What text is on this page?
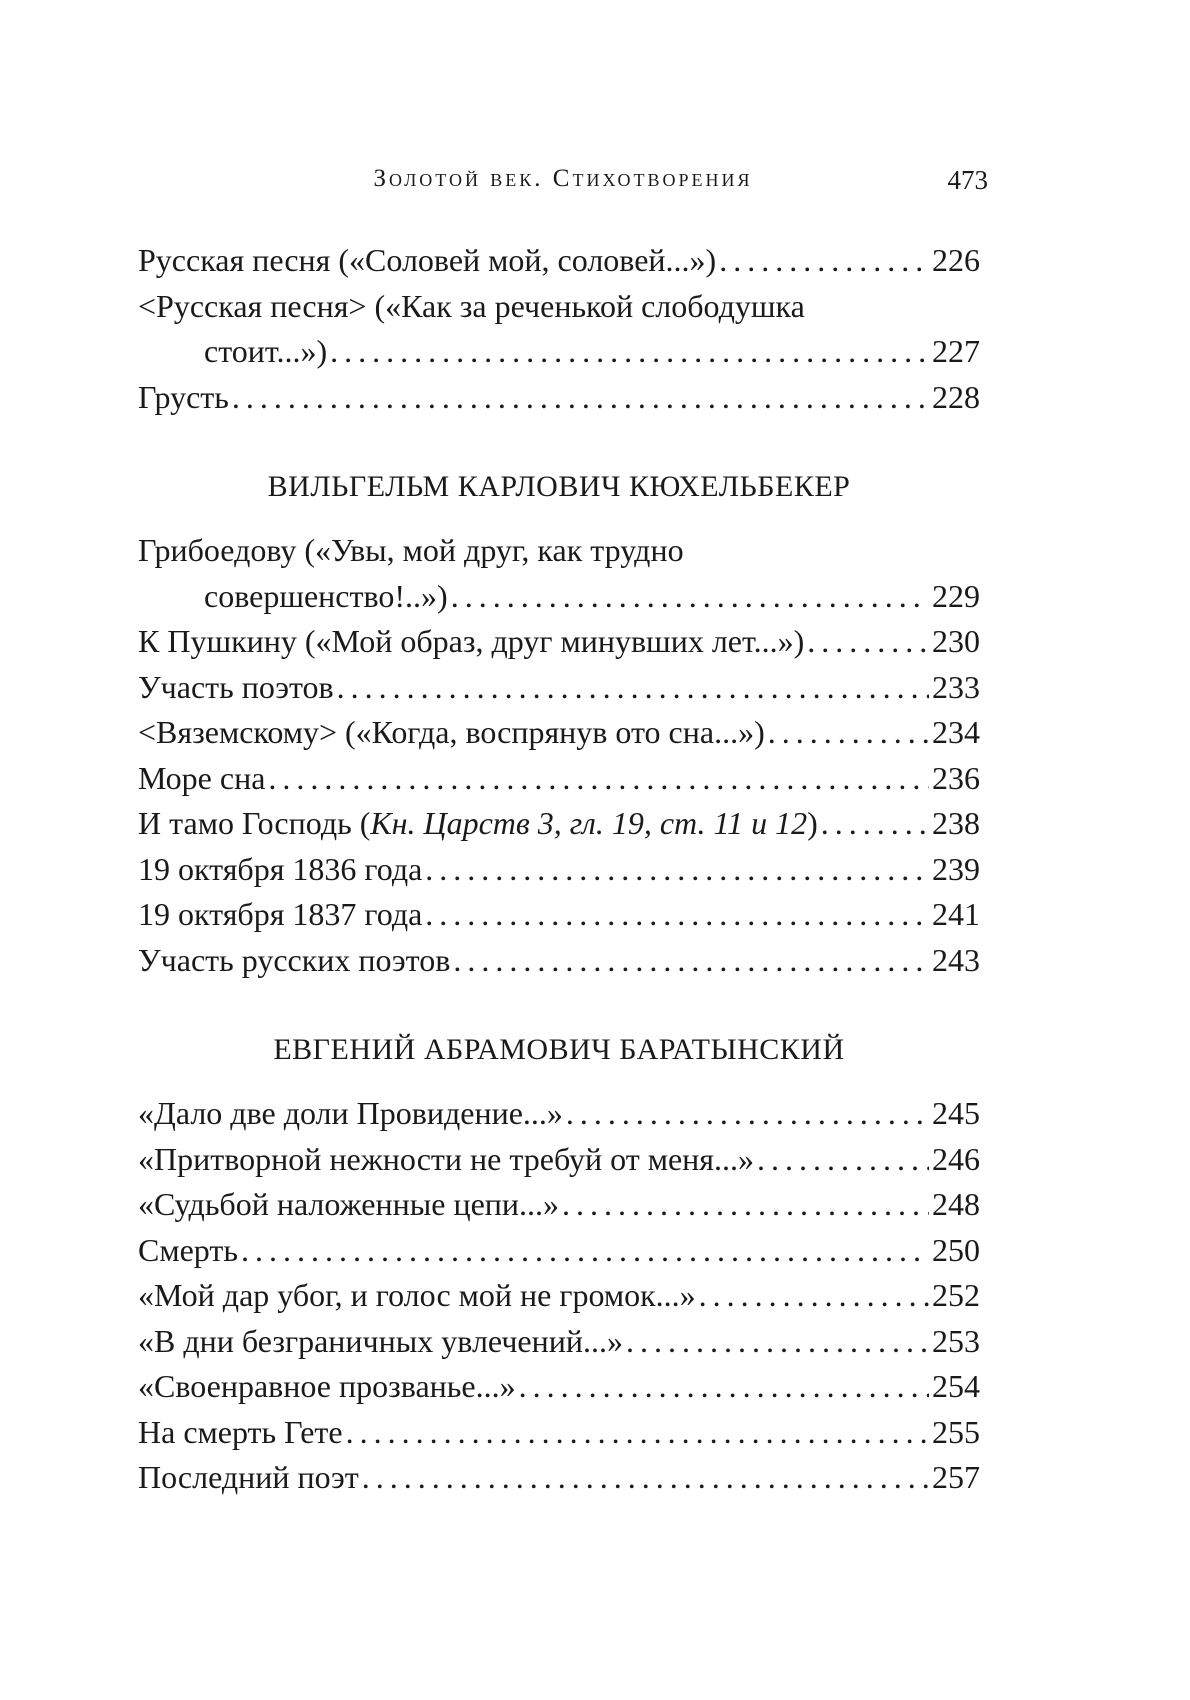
Золотой век. Стихотворения	473
Русская песня («Соловей мой, соловей...») .....	226
<Русская песня> («Как за реченькой слободушка
стоит...») .....	227
Грусть .....	228
ВИЛЬГЕЛЬМ КАРЛОВИЧ КЮХЕЛЬБЕКЕР
Грибоедову («Увы, мой друг, как трудно
совершенство!..») .....	229
К Пушкину («Мой образ, друг минувших лет...») .....	230
Участь поэтов .....	233
<Вяземскому> («Когда, воспрянув ото сна...») .....	234
Море сна .....	236
И тамо Господь (Кн. Царств 3, гл. 19, ст. 11 и 12) .....	238
19 октября 1836 года .....	239
19 октября 1837 года .....	241
Участь русских поэтов .....	243
ЕВГЕНИЙ АБРАМОВИЧ БАРАТЫНСКИЙ
«Дало две доли Провидение...» .....	245
«Притворной нежности не требуй от меня...» .....	246
«Судьбой наложенные цепи...» .....	248
Смерть .....	250
«Мой дар убог, и голос мой не громок...» .....	252
«В дни безграничных увлечений...» .....	253
«Своенравное прозванье...» .....	254
На смерть Гете .....	255
Последний поэт .....	257
